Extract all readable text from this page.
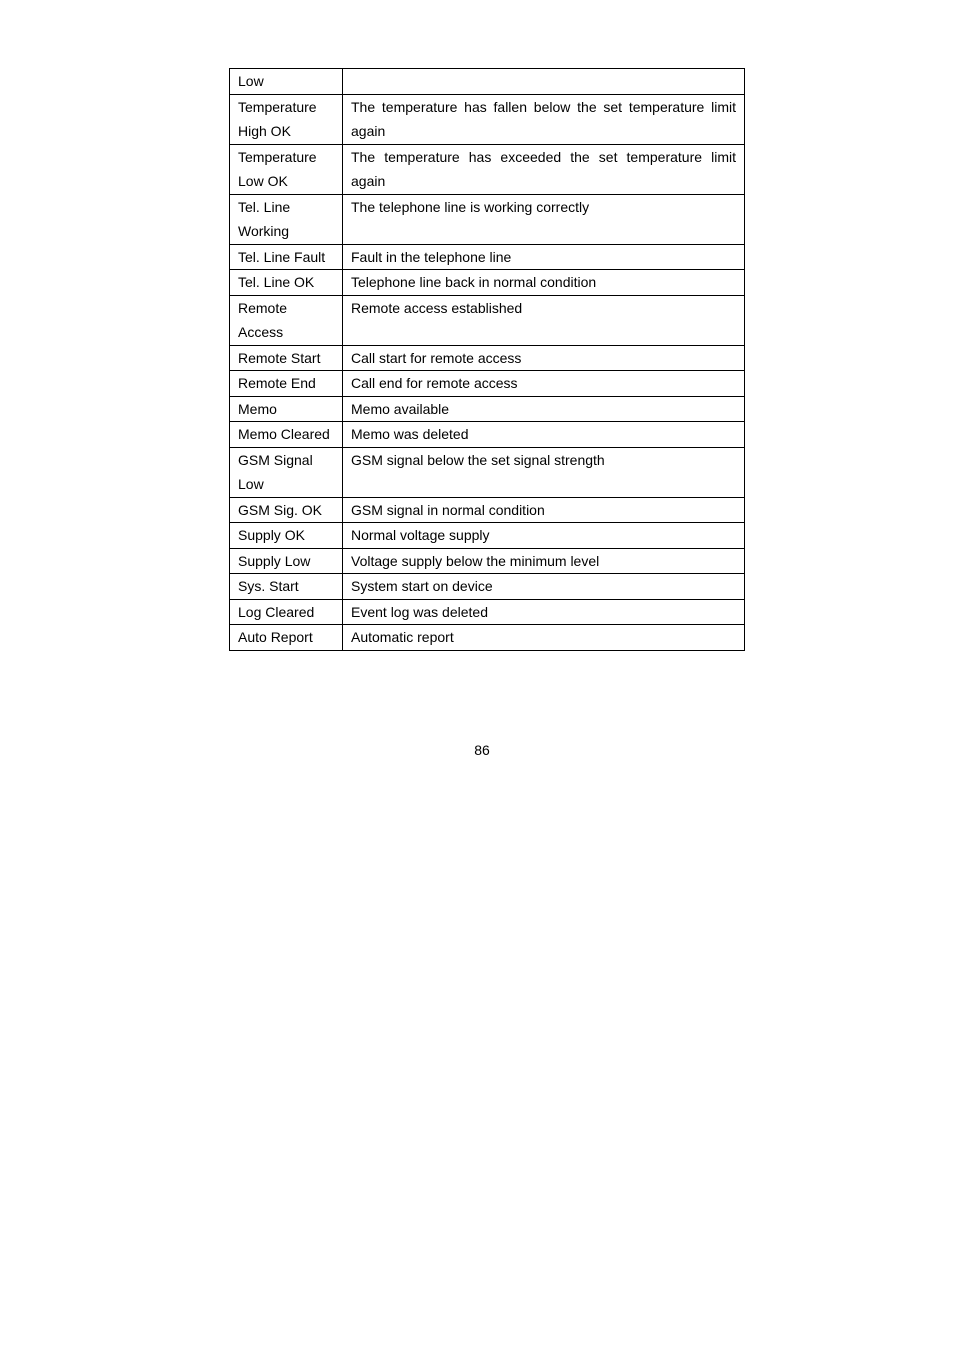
Low	
Temperature High OK	The temperature has fallen below the set temperature limit again
Temperature Low OK	The temperature has exceeded the set temperature limit again
Tel. Line Working	The telephone line is working correctly
Tel. Line Fault	Fault in the telephone line
Tel. Line OK	Telephone line back in normal condition
Remote Access	Remote access established
Remote Start	Call start for remote access
Remote End	Call end for remote access
Memo	Memo available
Memo Cleared	Memo was deleted
GSM Signal Low	GSM signal below the set signal strength
GSM Sig. OK	GSM signal in normal condition
Supply OK	Normal voltage supply
Supply Low	Voltage supply below the minimum level
Sys. Start	System start on device
Log Cleared	Event log was deleted
Auto Report	Automatic report
86
